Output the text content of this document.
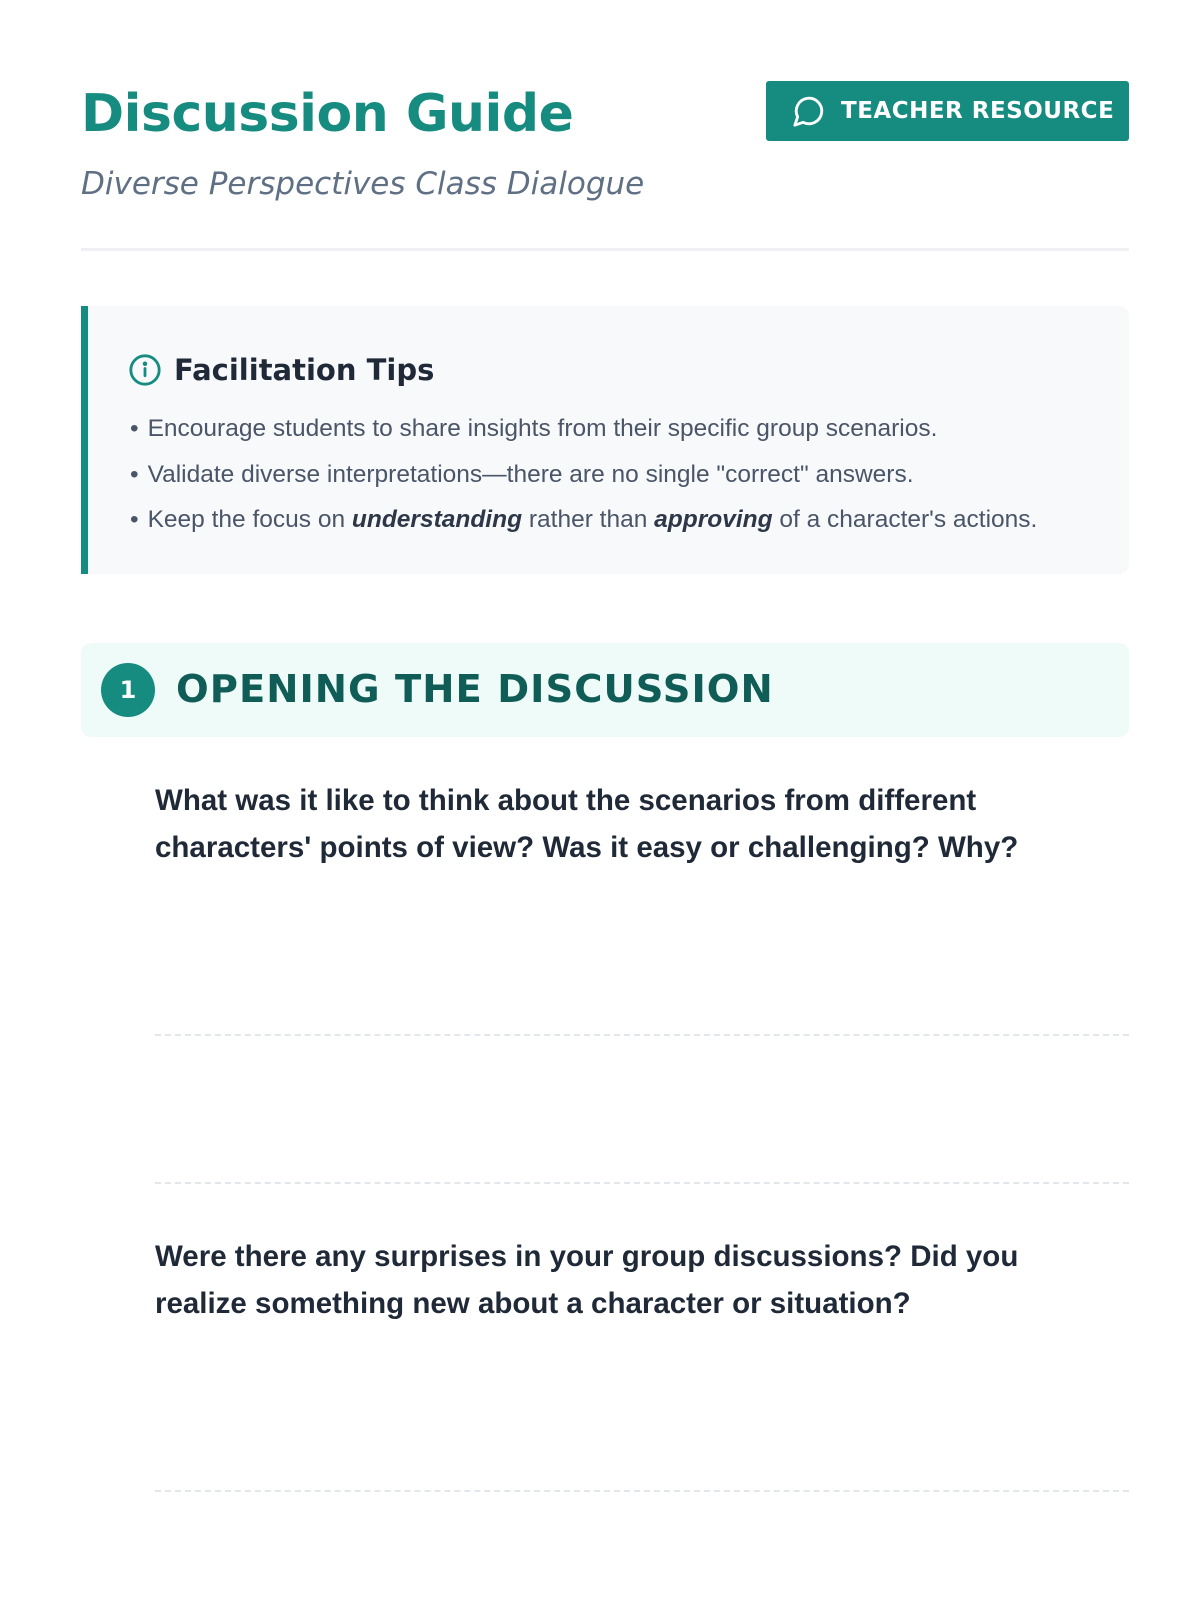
Discussion Guide
Diverse Perspectives Class Dialogue
TEACHER RESOURCE
Facilitation Tips
• Encourage students to share insights from their specific group scenarios.
• Validate diverse interpretations—there are no single "correct" answers.
• Keep the focus on understanding rather than approving of a character's actions.
1	OPENING THE DISCUSSION

What was it like to think about the scenarios from different characters' points of view? Was it easy or challenging? Why?

Were there any surprises in your group discussions? Did you realize something new about a character or situation?
